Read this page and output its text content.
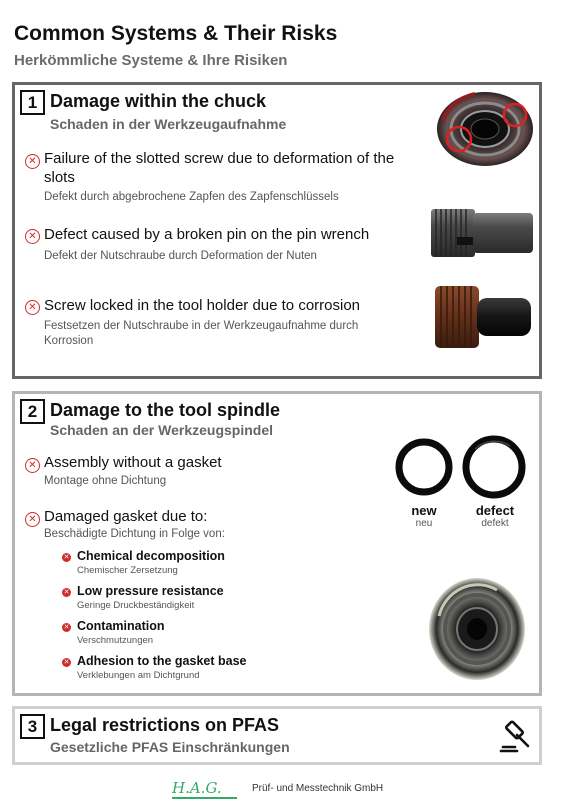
Common Systems & Their Risks
Herkömmliche Systeme & Ihre Risiken
1 Damage within the chuck
Schaden in der Werkzeugaufnahme
✕ Failure of the slotted screw due to deformation of the slots
Defekt durch abgebrochene Zapfen des Zapfenschlüssels
✕ Defect caused by a broken pin on the pin wrench
Defekt der Nutschraube durch Deformation der Nuten
✕ Screw locked in the tool holder due to corrosion
Festsetzen der Nutschraube in der Werkzeugaufnahme durch Korrosion
2 Damage to the tool spindle
Schaden an der Werkzeugspindel
✕ Assembly without a gasket
Montage ohne Dichtung
✕ Damaged gasket due to:
Beschädigte Dichtung in Folge von:
✕ Chemical decomposition
Chemischer Zersetzung
✕ Low pressure resistance
Geringe Druckbeständigkeit
✕ Contamination
Verschmutzungen
✕ Adhesion to the gasket base
Verklebungen am Dichtgrund
new
neu
defect
defekt
3 Legal restrictions on PFAS
Gesetzliche PFAS Einschränkungen
H.A.G.	Prüf- und Messtechnik GmbH
